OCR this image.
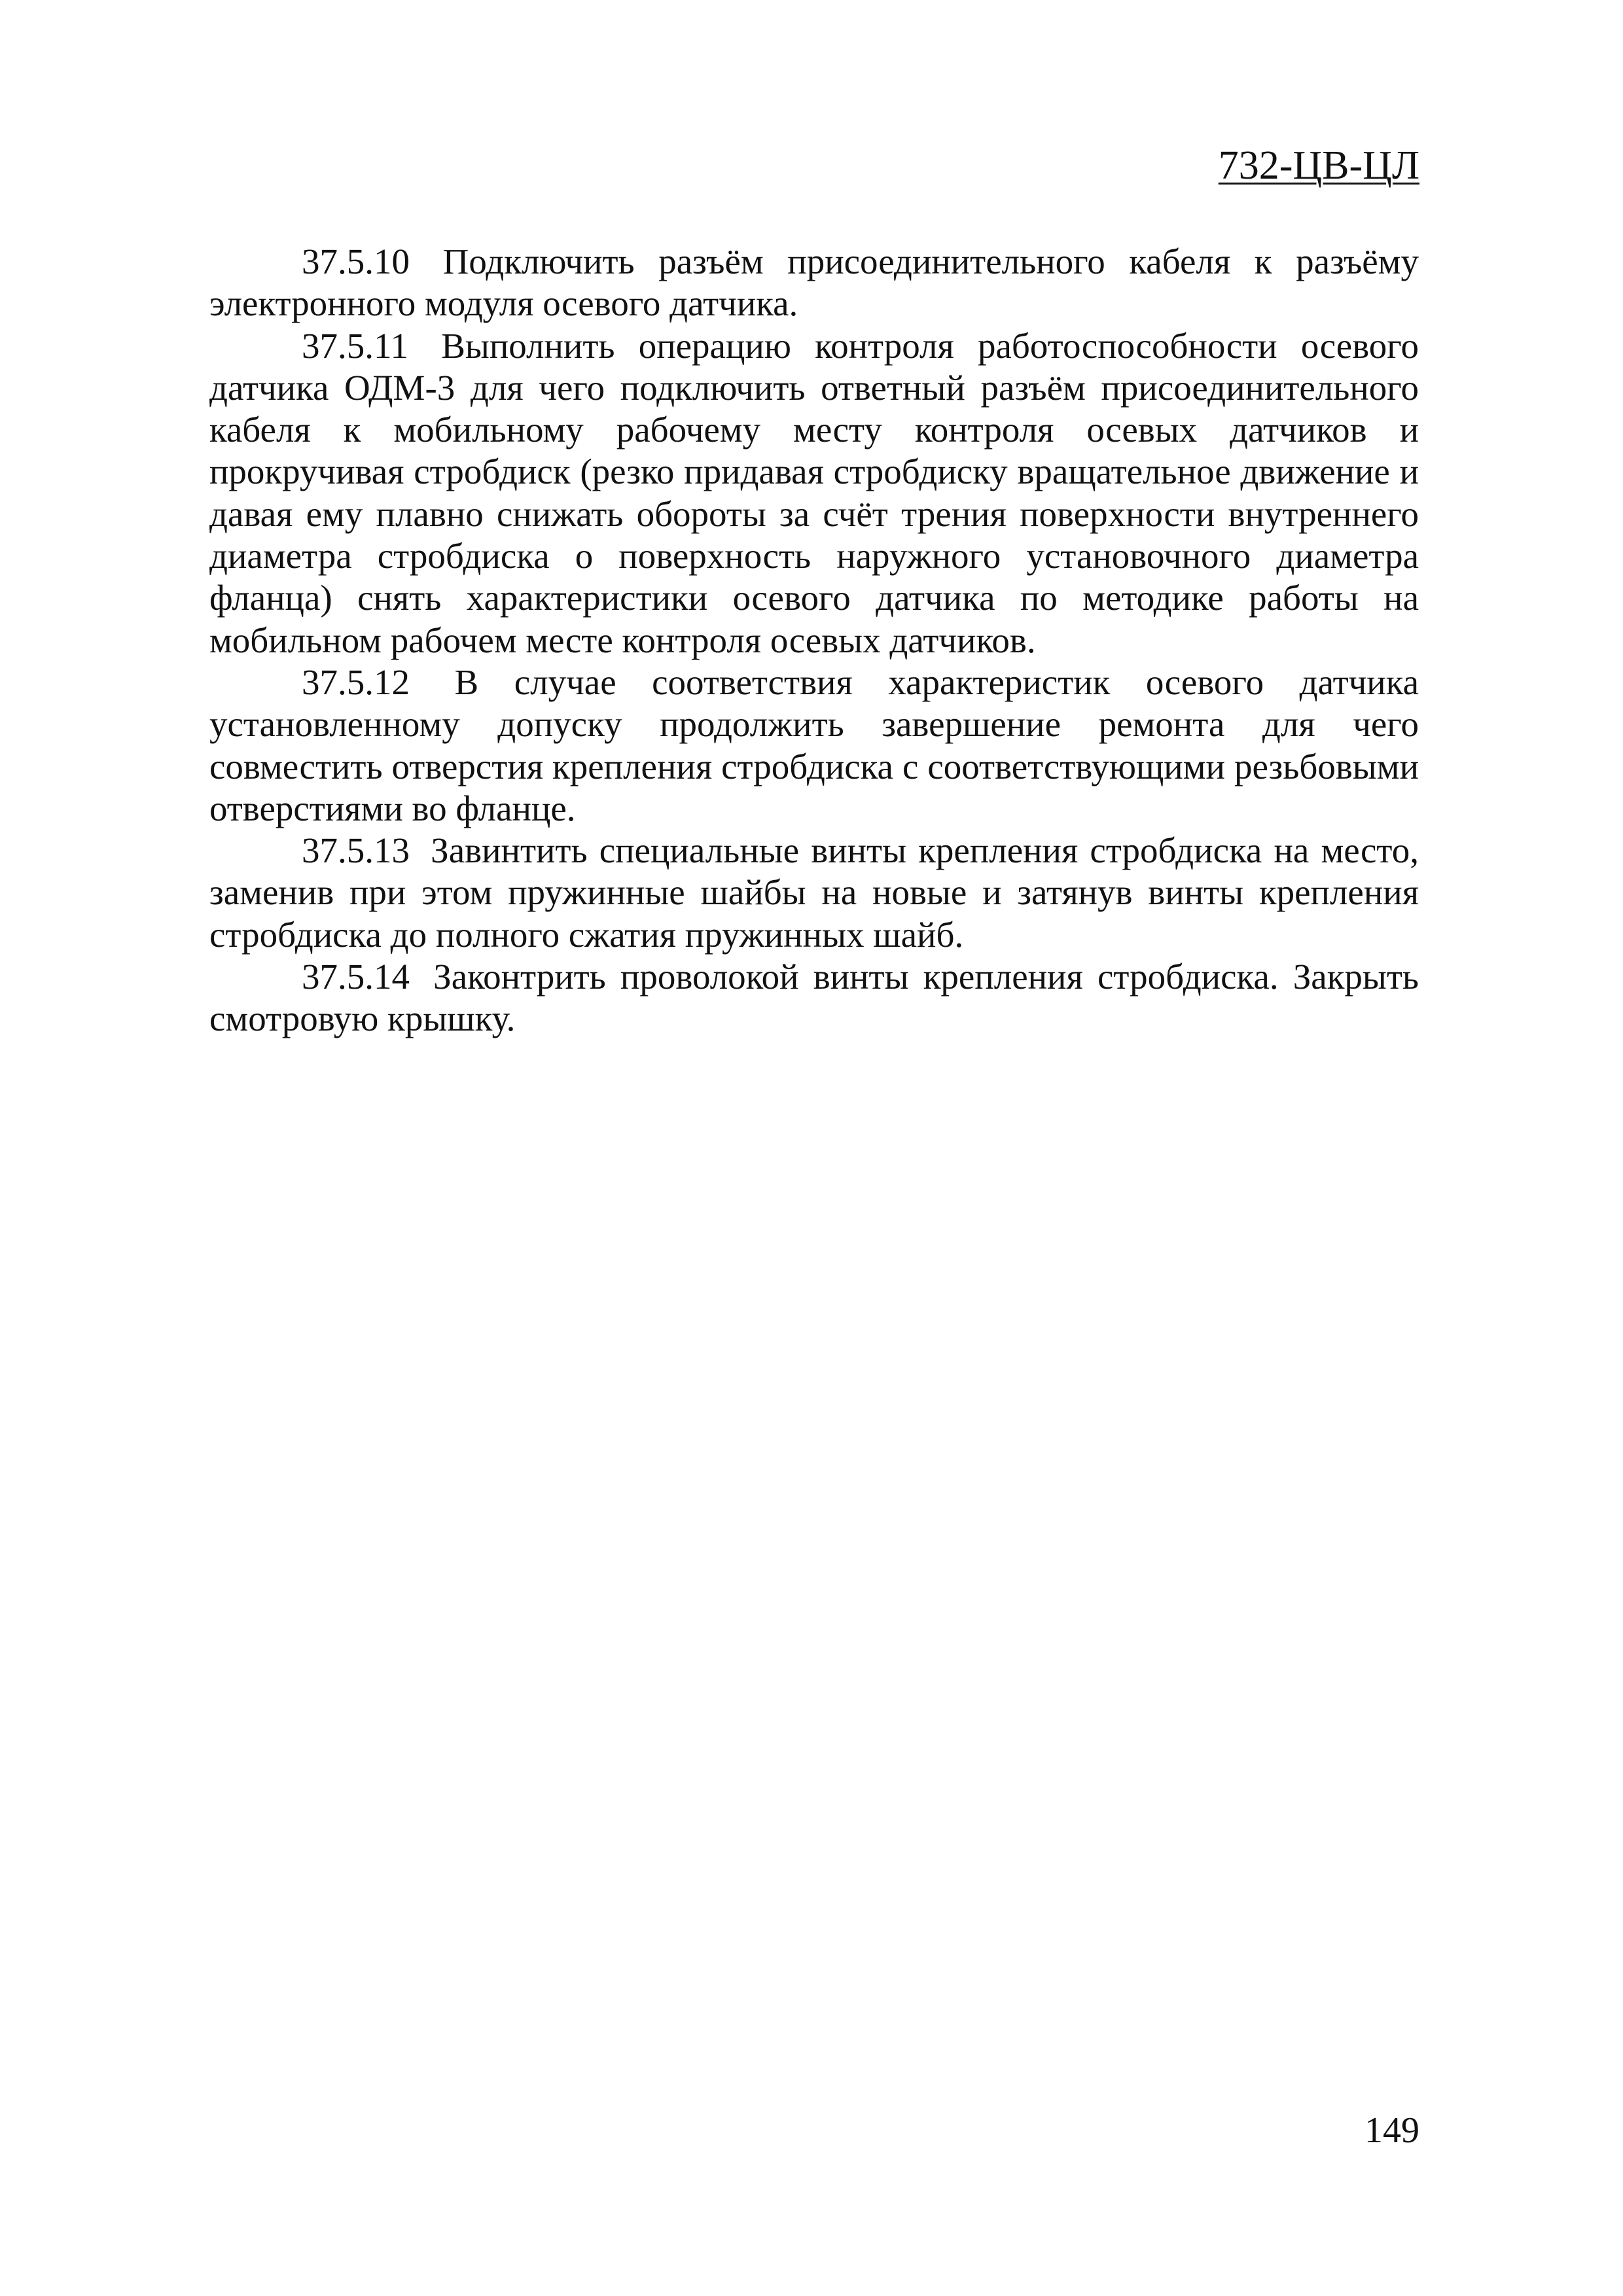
732-ЦВ-ЦЛ

37.5.10 Подключить разъём присоединительного кабеля к разъёму электронного модуля осевого датчика.

37.5.11 Выполнить операцию контроля работоспособности осевого датчика ОДМ-3 для чего подключить ответный разъём присоединительного кабеля к мобильному рабочему месту контроля осевых датчиков и прокручивая стробдиск (резко придавая стробдиску вращательное движение и давая ему плавно снижать обороты за счёт трения поверхности внутреннего диаметра стробдиска о поверхность наружного установочного диаметра фланца) снять характеристики осевого датчика по методике работы на мобильном рабочем месте контроля осевых датчиков.

37.5.12 В случае соответствия характеристик осевого датчика установленному допуску продолжить завершение ремонта для чего совместить отверстия крепления стробдиска с соответствующими резьбовыми отверстиями во фланце.

37.5.13 Завинтить специальные винты крепления стробдиска на место, заменив при этом пружинные шайбы на новые и затянув винты крепления стробдиска до полного сжатия пружинных шайб.

37.5.14 Законтрить проволокой винты крепления стробдиска. Закрыть смотровую крышку.

149
